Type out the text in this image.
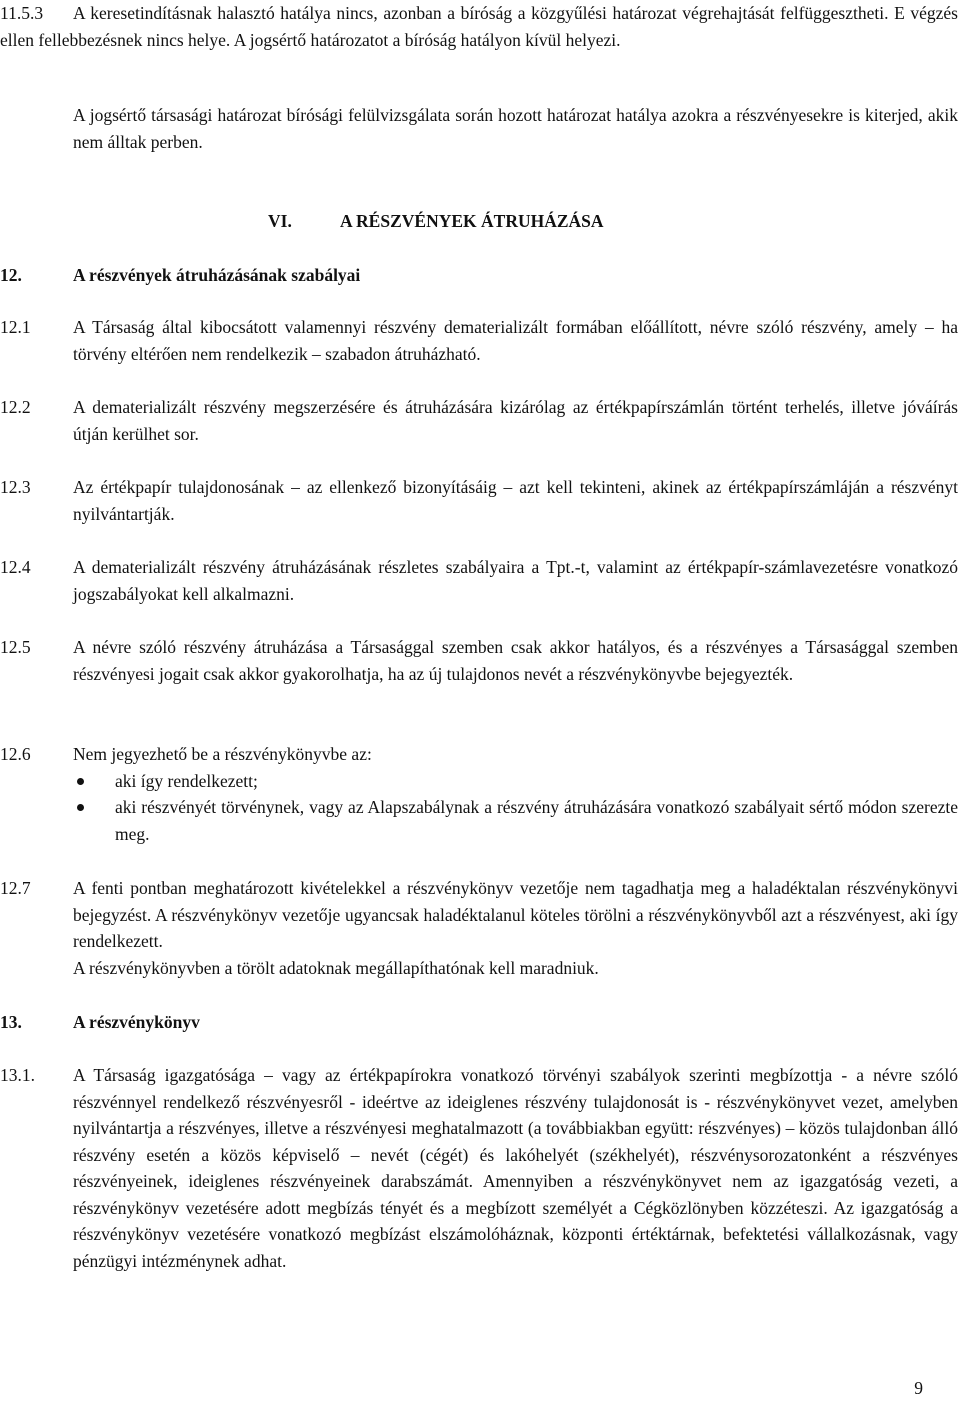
11.5.3	A keresetindításnak halasztó hatálya nincs, azonban a bíróság a közgyűlési határozat végrehajtását felfüggesztheti. E végzés ellen fellebbezésnek nincs helye. A jogsértő határozatot a bíróság hatályon kívül helyezi.
A jogsértő társasági határozat bírósági felülvizsgálata során hozott határozat hatálya azokra a részvényesekre is kiterjed, akik nem álltak perben.
VI.	A RÉSZVÉNYEK ÁTRUHÁZÁSA
12.	A részvények átruházásának szabályai
12.1 A Társaság által kibocsátott valamennyi részvény dematerializált formában előállított, névre szóló részvény, amely – ha törvény eltérően nem rendelkezik – szabadon átruházható.
12.2 A dematerializált részvény megszerzésére és átruházására kizárólag az értékpapírszámlán történt terhelés, illetve jóváírás útján kerülhet sor.
12.3 Az értékpapír tulajdonosának – az ellenkező bizonyításáig – azt kell tekinteni, akinek az értékpapírszámláján a részvényt nyilvántartják.
12.4 A dematerializált részvény átruházásának részletes szabályaira a Tpt.-t, valamint az értékpapír-számlavezetésre vonatkozó jogszabályokat kell alkalmazni.
12.5 A névre szóló részvény átruházása a Társasággal szemben csak akkor hatályos, és a részvényes a Társasággal szemben részvényesi jogait csak akkor gyakorolhatja, ha az új tulajdonos nevét a részvénykönyvbe bejegyezték.
12.6 Nem jegyezhető be a részvénykönyvbe az:
aki így rendelkezett;
aki részvényét törvénynek, vagy az Alapszabálynak a részvény átruházására vonatkozó szabályait sértő módon szerezte meg.
12.7 A fenti pontban meghatározott kivételekkel a részvénykönyv vezetője nem tagadhatja meg a haladéktalan részvénykönyvi bejegyzést. A részvénykönyv vezetője ugyancsak haladéktalanul köteles törölni a részvénykönyvből azt a részvényest, aki így rendelkezett.
A részvénykönyvben a törölt adatoknak megállapíthatónak kell maradniuk.
13.	A részvénykönyv
13.1. A Társaság igazgatósága – vagy az értékpapírokra vonatkozó törvényi szabályok szerinti megbízottja - a névre szóló részvénnyel rendelkező részvényesről - ideértve az ideiglenes részvény tulajdonosát is - részvénykönyvet vezet, amelyben nyilvántartja a részvényes, illetve a részvényesi meghatalmazott (a továbbiakban együtt: részvényes) – közös tulajdonban álló részvény esetén a közös képviselő – nevét (cégét) és lakóhelyét (székhelyét), részvénysorozatonként a részvényes részvényeinek, ideiglenes részvényeinek darabszámát. Amennyiben a részvénykönyvet nem az igazgatóság vezeti, a részvénykönyv vezetésére adott megbízás tényét és a megbízott személyét a Cégközlönyben közzéteszi. Az igazgatóság a részvénykönyv vezetésére vonatkozó megbízást elszámolóháznak, központi értéktárnak, befektetési vállalkozásnak, vagy pénzügyi intézménynek adhat.
9
